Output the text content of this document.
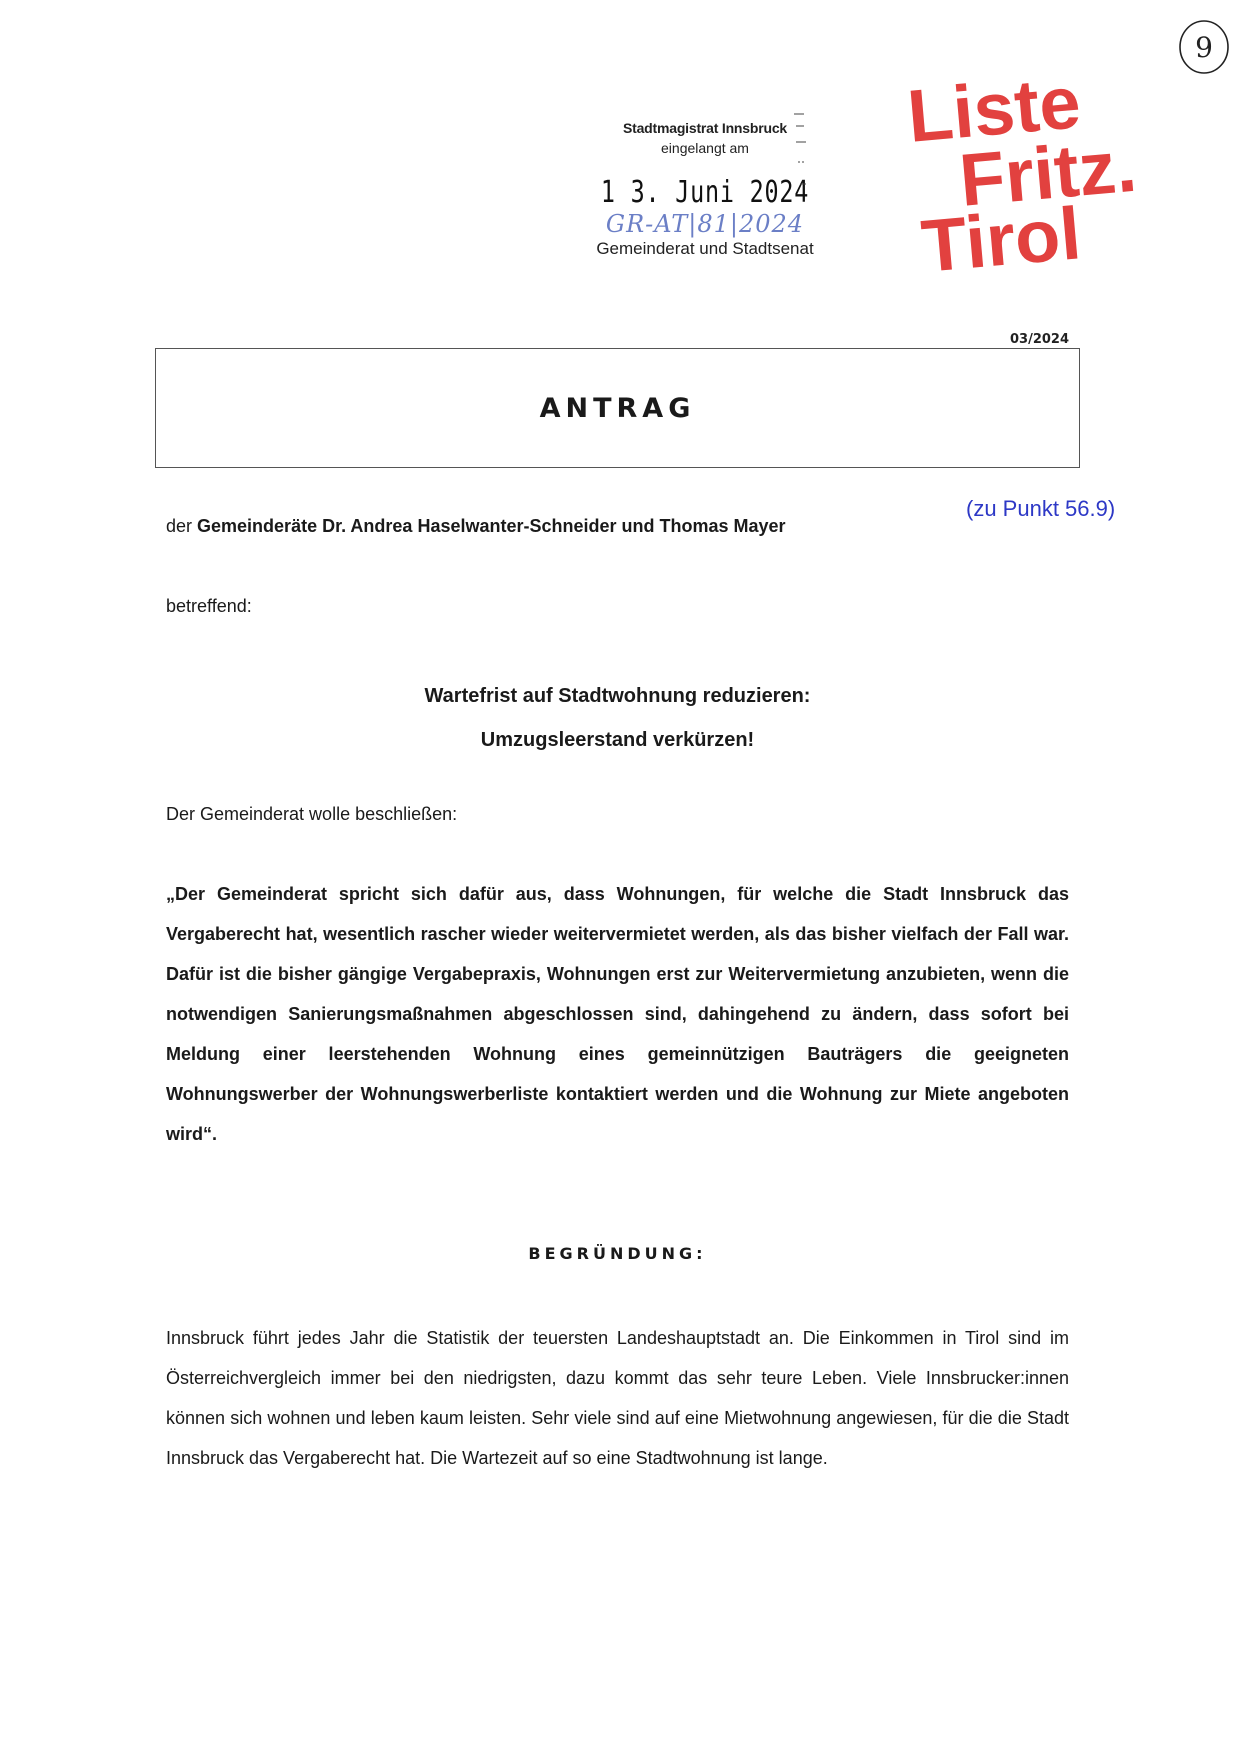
9
Stadtmagistrat Innsbruck
eingelangt am
1 3. Juni 2024
GR-AT|81|2024
Gemeinderat und Stadtsenat
Liste
Fritz.
Tirol
03/2024
ANTRAG
(zu Punkt 56.9)
der Gemeinderäte Dr. Andrea Haselwanter-Schneider und Thomas Mayer
betreffend:
Wartefrist auf Stadtwohnung reduzieren:
Umzugsleerstand verkürzen!
Der Gemeinderat wolle beschließen:
„Der Gemeinderat spricht sich dafür aus, dass Wohnungen, für welche die Stadt Innsbruck das Vergaberecht hat, wesentlich rascher wieder weitervermietet werden, als das bisher vielfach der Fall war. Dafür ist die bisher gängige Vergabepraxis, Wohnungen erst zur Weitervermietung anzubieten, wenn die notwendigen Sanierungsmaßnahmen abgeschlossen sind, dahingehend zu ändern, dass sofort bei Meldung einer leerstehenden Wohnung eines gemeinnützigen Bauträgers die geeigneten Wohnungswerber der Wohnungswerberliste kontaktiert werden und die Wohnung zur Miete angeboten wird“.
BEGRÜNDUNG:
Innsbruck führt jedes Jahr die Statistik der teuersten Landeshauptstadt an. Die Einkommen in Tirol sind im Österreichvergleich immer bei den niedrigsten, dazu kommt das sehr teure Leben. Viele Innsbrucker:innen können sich wohnen und leben kaum leisten. Sehr viele sind auf eine Mietwohnung angewiesen, für die die Stadt Innsbruck das Vergaberecht hat. Die Wartezeit auf so eine Stadtwohnung ist lange.
